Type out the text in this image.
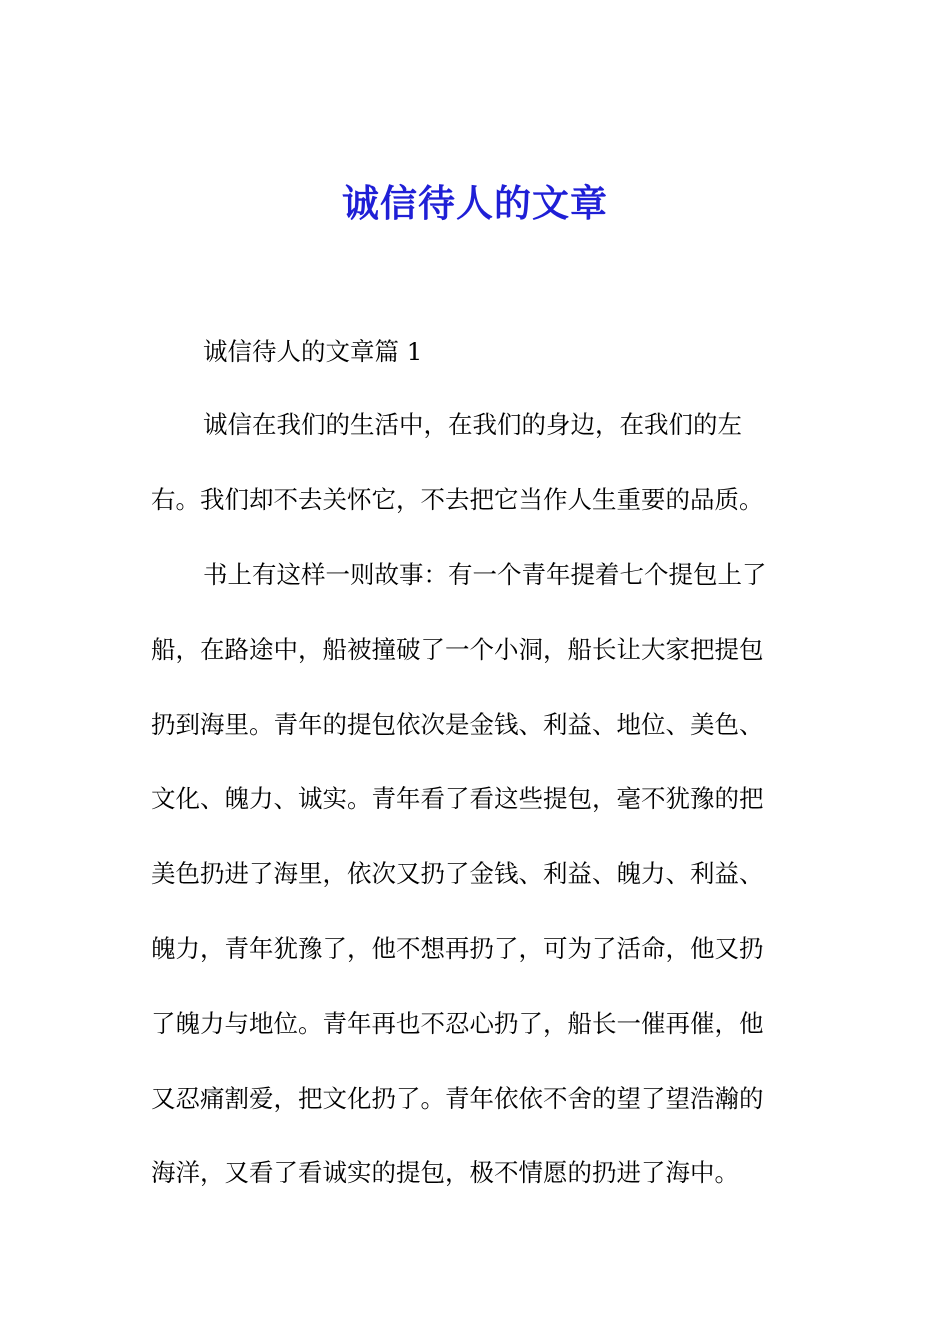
诚信待人的文章

诚信待人的文章篇 1

诚信在我们的生活中，在我们的身边，在我们的左

右。我们却不去关怀它，不去把它当作人生重要的品质。

书上有这样一则故事：有一个青年提着七个提包上了

船，在路途中，船被撞破了一个小洞，船长让大家把提包

扔到海里。青年的提包依次是金钱、利益、地位、美色、

文化、魄力、诚实。青年看了看这些提包，毫不犹豫的把

美色扔进了海里，依次又扔了金钱、利益、魄力、利益、

魄力，青年犹豫了，他不想再扔了，可为了活命，他又扔

了魄力与地位。青年再也不忍心扔了，船长一催再催，他

又忍痛割爱，把文化扔了。青年依依不舍的望了望浩瀚的

海洋，又看了看诚实的提包，极不情愿的扔进了海中。
